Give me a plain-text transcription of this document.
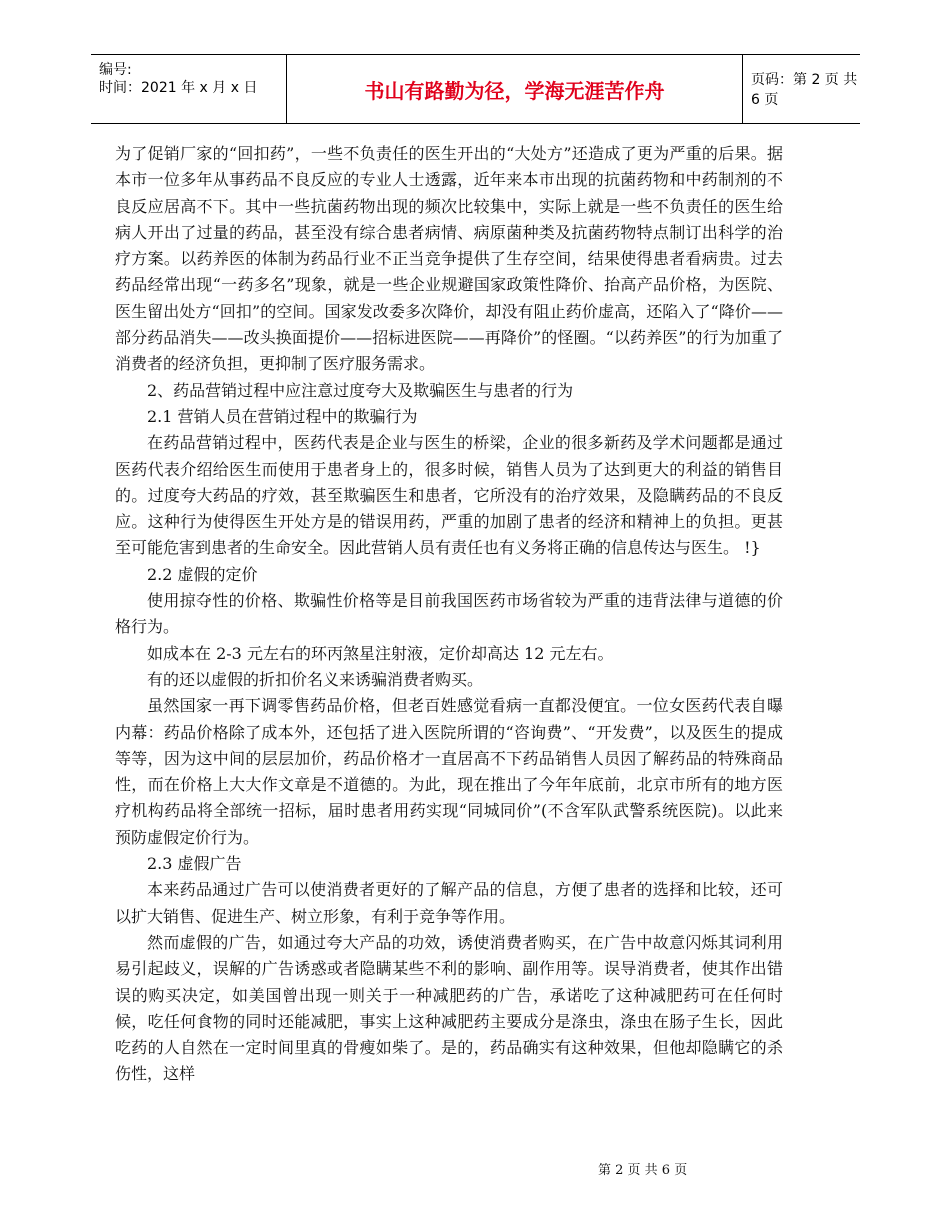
编号:
时间：2021 年 x 月 x 日	书山有路勤为径，学海无涯苦作舟	页码：第 2 页 共 6 页

为了促销厂家的“回扣药”，一些不负责任的医生开出的“大处方”还造成了更为严重的后果。据本市一位多年从事药品不良反应的专业人士透露，近年来本市出现的抗菌药物和中药制剂的不良反应居高不下。其中一些抗菌药物出现的频次比较集中，实际上就是一些不负责任的医生给病人开出了过量的药品，甚至没有综合患者病情、病原菌种类及抗菌药物特点制订出科学的治疗方案。以药养医的体制为药品行业不正当竞争提供了生存空间，结果使得患者看病贵。过去药品经常出现“一药多名”现象，就是一些企业规避国家政策性降价、抬高产品价格，为医院、医生留出处方“回扣”的空间。国家发改委多次降价，却没有阻止药价虚高，还陷入了“降价——部分药品消失——改头换面提价——招标进医院——再降价”的怪圈。“以药养医”的行为加重了消费者的经济负担，更抑制了医疗服务需求。

2、药品营销过程中应注意过度夸大及欺骗医生与患者的行为

2.1 营销人员在营销过程中的欺骗行为

在药品营销过程中，医药代表是企业与医生的桥梁，企业的很多新药及学术问题都是通过医药代表介绍给医生而使用于患者身上的，很多时候，销售人员为了达到更大的利益的销售目的。过度夸大药品的疗效，甚至欺骗医生和患者，它所没有的治疗效果，及隐瞒药品的不良反应。这种行为使得医生开处方是的错误用药，严重的加剧了患者的经济和精神上的负担。更甚至可能危害到患者的生命安全。因此营销人员有责任也有义务将正确的信息传达与医生。 !}

2.2 虚假的定价

使用掠夺性的价格、欺骗性价格等是目前我国医药市场省较为严重的违背法律与道德的价格行为。

如成本在 2-3 元左右的环丙煞星注射液，定价却高达 12 元左右。

有的还以虚假的折扣价名义来诱骗消费者购买。

虽然国家一再下调零售药品价格，但老百姓感觉看病一直都没便宜。一位女医药代表自曝内幕：药品价格除了成本外，还包括了进入医院所谓的“咨询费”、“开发费”，以及医生的提成等等，因为这中间的层层加价，药品价格才一直居高不下药品销售人员因了解药品的特殊商品性，而在价格上大大作文章是不道德的。为此，现在推出了今年年底前，北京市所有的地方医疗机构药品将全部统一招标，届时患者用药实现“同城同价”(不含军队武警系统医院)。以此来预防虚假定价行为。

2.3 虚假广告

本来药品通过广告可以使消费者更好的了解产品的信息，方便了患者的选择和比较，还可以扩大销售、促进生产、树立形象，有利于竞争等作用。

然而虚假的广告，如通过夸大产品的功效，诱使消费者购买，在广告中故意闪烁其词利用易引起歧义，误解的广告诱惑或者隐瞒某些不利的影响、副作用等。误导消费者，使其作出错误的购买决定，如美国曾出现一则关于一种减肥药的广告，承诺吃了这种减肥药可在任何时候，吃任何食物的同时还能减肥，事实上这种减肥药主要成分是涤虫，涤虫在肠子生长，因此吃药的人自然在一定时间里真的骨瘦如柴了。是的，药品确实有这种效果，但他却隐瞒它的杀伤性，这样

第 2 页 共 6 页
